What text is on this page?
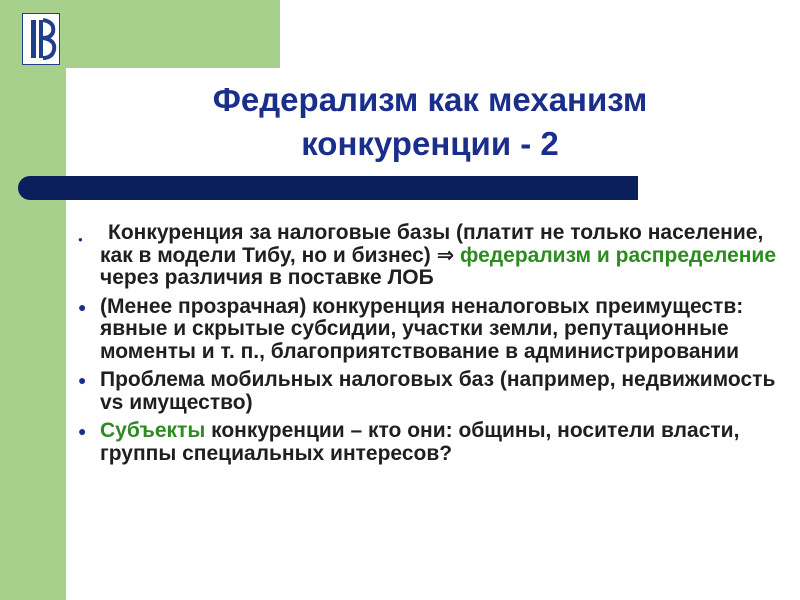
Федерализм как механизм
конкуренции - 2
● Конкуренция за налоговые базы (платит не только население, как в модели Тибу, но и бизнес) ⇒ федерализм и распределение через различия в поставке ЛОБ
● (Менее прозрачная) конкуренция неналоговых преимуществ: явные и скрытые субсидии, участки земли, репутационные моменты и т. п., благоприятствование в администрировании
● Проблема мобильных налоговых баз (например, недвижимость vs имущество)
● Субъекты конкуренции – кто они: общины, носители власти, группы специальных интересов?
